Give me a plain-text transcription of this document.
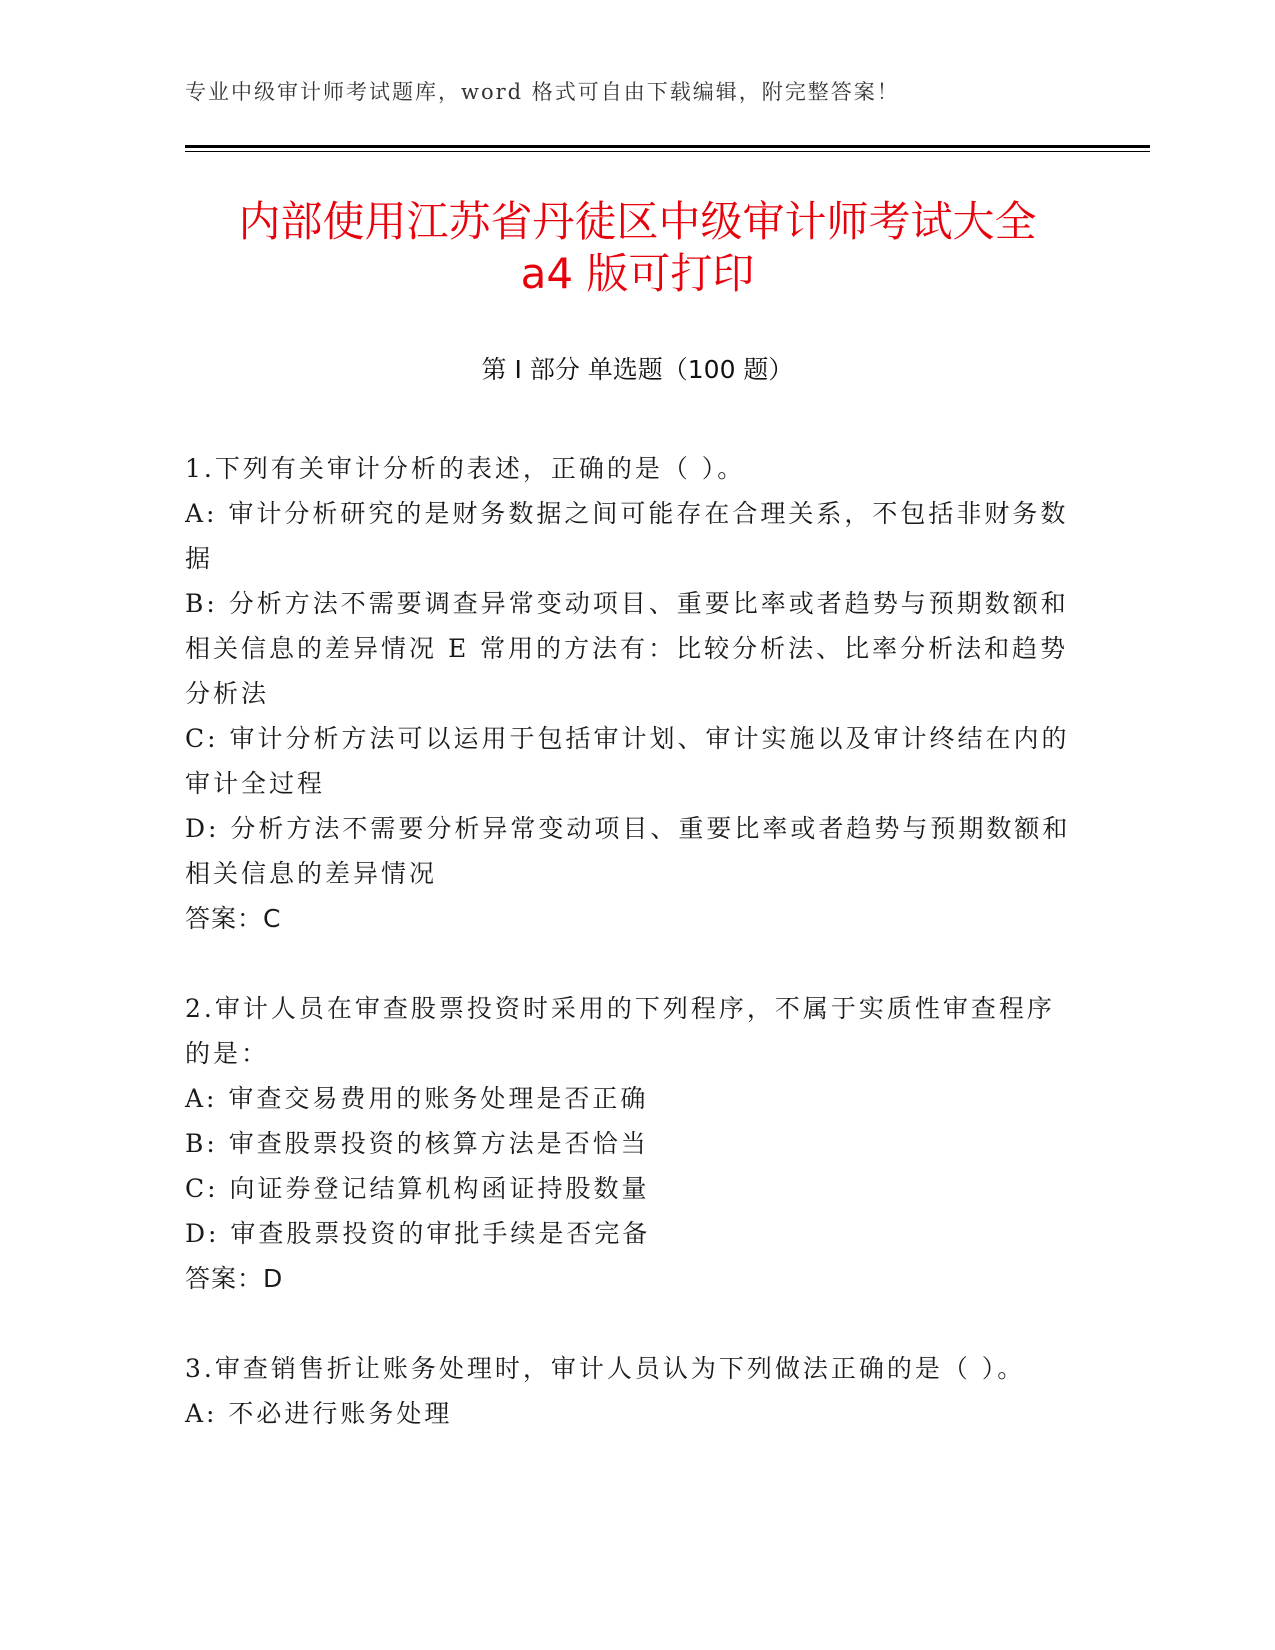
专业中级审计师考试题库，word 格式可自由下载编辑，附完整答案！
内部使用江苏省丹徒区中级审计师考试大全
a4 版可打印
第 I 部分 单选题（100 题）

1.下列有关审计分析的表述，正确的是（ ）。

A: 审计分析研究的是财务数据之间可能存在合理关系，不包括非财务数据

B: 分析方法不需要调查异常变动项目、重要比率或者趋势与预期数额和相关信息的差异情况 E 常用的方法有：比较分析法、比率分析法和趋势分析法

C: 审计分析方法可以运用于包括审计划、审计实施以及审计终结在内的审计全过程

D: 分析方法不需要分析异常变动项目、重要比率或者趋势与预期数额和相关信息的差异情况

答案：C

2.审计人员在审查股票投资时采用的下列程序，不属于实质性审查程序的是：

A: 审查交易费用的账务处理是否正确

B: 审查股票投资的核算方法是否恰当

C: 向证券登记结算机构函证持股数量

D: 审查股票投资的审批手续是否完备

答案：D

3.审查销售折让账务处理时，审计人员认为下列做法正确的是（ ）。

A: 不必进行账务处理
